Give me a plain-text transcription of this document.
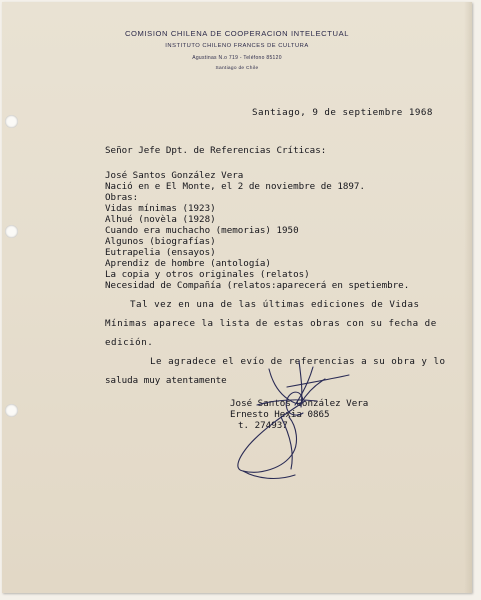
COMISION CHILENA DE COOPERACION INTELECTUAL
INSTITUTO CHILENO FRANCES DE CULTURA
Agustinas N.o 719 - Teléfono 85120
Santiago de Chile
Santiago, 9 de septiembre 1968
Señor Jefe Dpt. de Referencias Críticas:
José Santos González Vera
Nació en e El Monte, el 2 de noviembre de 1897.
Obras:
Vidas mínimas (1923)
Alhué (novèla (1928)
Cuando era muchacho (memorias) 1950
Algunos (biografías)
Eutrapelia (ensayos)
Aprendiz de hombre (antología)
La copia y otros originales (relatos)
Necesidad de Compañía (relatos:aparecerá en spetiembre.
Tal vez en una de las últimas ediciones de Vidas
Mínimas aparece la lista de estas obras con su fecha de
edición.
Le agradece el evío de referencias a su obra y lo
saluda muy atentamente
José Santos González Vera
Ernesto Hexia 0865
t. 274937
